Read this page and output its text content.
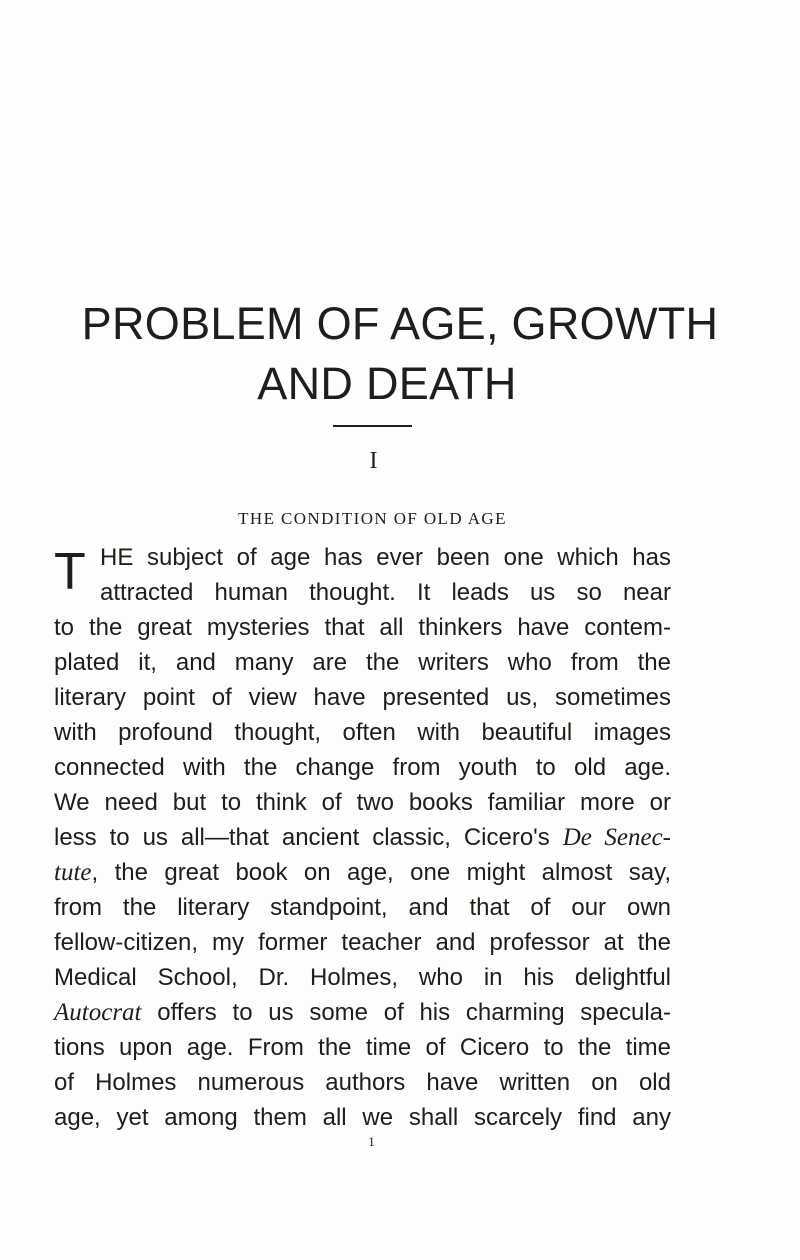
PROBLEM OF AGE, GROWTH
AND DEATH
I
THE CONDITION OF OLD AGE
T HE subject of age has ever been one which has
attracted human thought. It leads us so near
to the great mysteries that all thinkers have contem-
plated it, and many are the writers who from the
literary point of view have presented us, sometimes
with profound thought, often with beautiful images
connected with the change from youth to old age.
We need but to think of two books familiar more or
less to us all—that ancient classic, Cicero's De Senec-
tute, the great book on age, one might almost say,
from the literary standpoint, and that of our own
fellow-citizen, my former teacher and professor at the
Medical School, Dr. Holmes, who in his delightful
Autocrat offers to us some of his charming specula-
tions upon age. From the time of Cicero to the time
of Holmes numerous authors have written on old
age, yet among them all we shall scarcely find any
1
